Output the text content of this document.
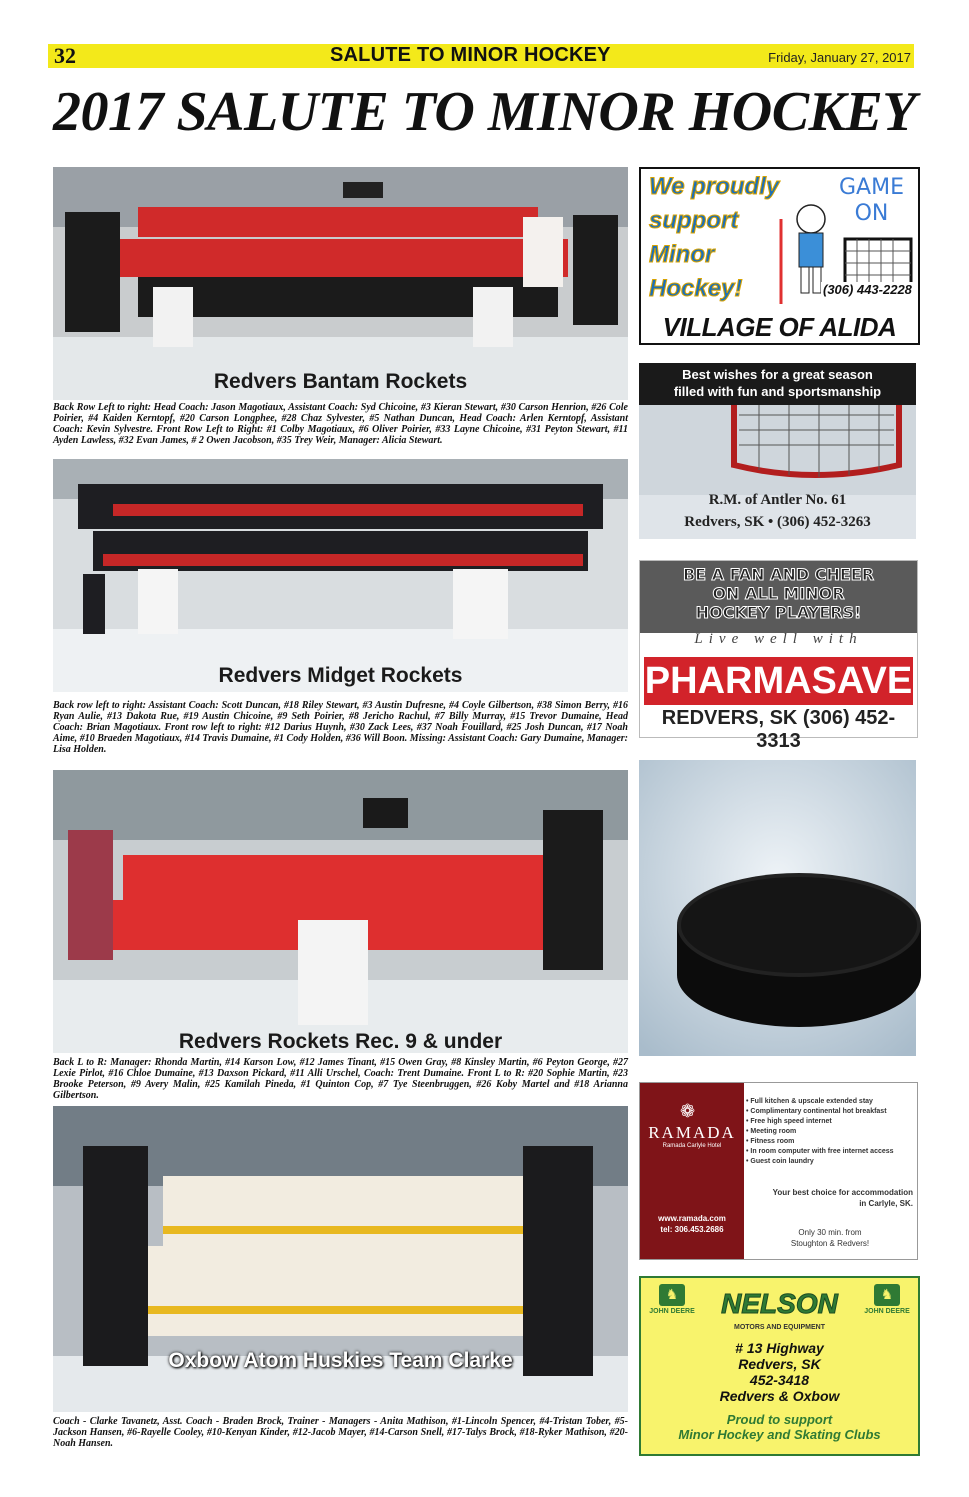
32	SALUTE TO MINOR HOCKEY	Friday, January 27, 2017
2017 SALUTE TO MINOR HOCKEY
Redvers Bantam Rockets
Back Row Left to right: Head Coach: Jason Magotiaux, Assistant Coach: Syd Chicoine, #3 Kieran Stewart, #30 Carson Henrion, #26 Cole Poirier, #4 Kaiden Kerntopf, #20 Carson Longphee, #28 Chaz Sylvester, #5 Nathan Duncan, Head Coach: Arlen Kerntopf, Assistant Coach: Kevin Sylvestre. Front Row Left to Right: #1 Colby Magotiaux, #6 Oliver Poirier, #33 Layne Chicoine, #31 Peyton Stewart, #11 Ayden Lawless, #32 Evan James, # 2 Owen Jacobson, #35 Trey Weir, Manager: Alicia Stewart.
Redvers Midget Rockets
Back row left to right: Assistant Coach: Scott Duncan, #18 Riley Stewart, #3 Austin Dufresne, #4 Coyle Gilbertson, #38 Simon Berry, #16 Ryan Aulie, #13 Dakota Rue, #19 Austin Chicoine, #9 Seth Poirier, #8 Jericho Rachul, #7 Billy Murray, #15 Trevor Dumaine, Head Coach: Brian Magotiaux. Front row left to right: #12 Darius Huynh, #30 Zack Lees, #37 Noah Fouillard, #25 Josh Duncan, #17 Noah Aime, #10 Braeden Magotiaux, #14 Travis Dumaine, #1 Cody Holden, #36 Will Boon. Missing: Assistant Coach: Gary Dumaine, Manager: Lisa Holden.
Redvers Rockets Rec. 9 & under
Back L to R: Manager: Rhonda Martin, #14 Karson Low, #12 James Tinant, #15 Owen Gray, #8 Kinsley Martin, #6 Peyton George, #27 Lexie Pirlot, #16 Chloe Dumaine, #13 Daxson Pickard, #11 Alli Urschel, Coach: Trent Dumaine. Front L to R: #20 Sophie Martin, #23 Brooke Peterson, #9 Avery Malin, #25 Kamilah Pineda, #1 Quinton Cop, #7 Tye Steenbruggen, #26 Koby Martel and #18 Arianna Gilbertson.
Oxbow Atom Huskies Team Clarke
Coach - Clarke Tavanetz, Asst. Coach - Braden Brock, Trainer - Managers - Anita Mathison, #1-Lincoln Spencer, #4-Tristan Tober, #5-Jackson Hansen, #6-Rayelle Cooley, #10-Kenyan Kinder, #12-Jacob Mayer, #14-Carson Snell, #17-Talys Brock, #18-Ryker Mathison, #20-Noah Hansen.
We proudly
support
Minor
Hockey!
GAME
ON
(306) 443-2228
VILLAGE OF ALIDA
Best wishes for a great season
filled with fun and sportsmanship
R.M. of Antler No. 61
Redvers, SK • (306) 452-3263
BE A FAN AND CHEER
ON ALL MINOR
HOCKEY PLAYERS!
Live well with
PHARMASAVE
REDVERS, SK (306) 452-3313
❁
RAMADA
Ramada Carlyle Hotel
www.ramada.com
tel: 306.453.2686
• Full kitchen & upscale extended stay
• Complimentary continental hot breakfast
• Free high speed internet
• Meeting room
• Fitness room
• In room computer with free internet access
• Guest coin laundry
Your best choice for accommodation
in Carlyle, SK.
Only 30 min. from
Stoughton & Redvers!
♞
JOHN DEERE
♞
JOHN DEERE
NELSON
MOTORS AND EQUIPMENT
# 13 Highway
Redvers, SK
452-3418
Redvers & Oxbow
Proud to support
Minor Hockey and Skating Clubs
